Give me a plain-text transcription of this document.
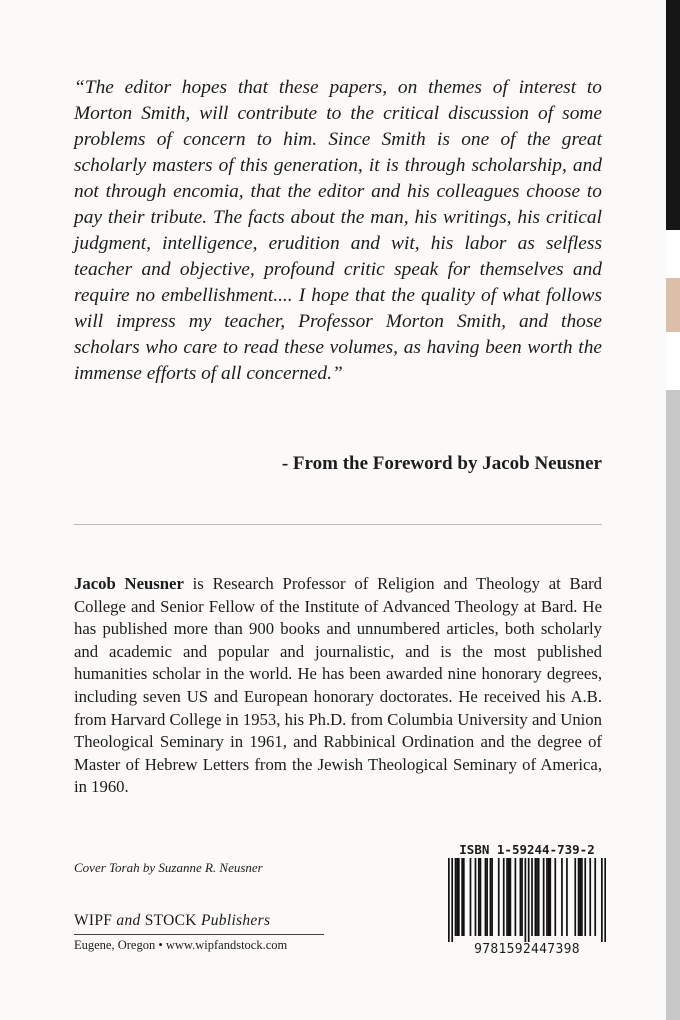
“The editor hopes that these papers, on themes of interest to Morton Smith, will contribute to the critical discussion of some problems of concern to him. Since Smith is one of the great scholarly masters of this generation, it is through scholarship, and not through encomia, that the editor and his colleagues choose to pay their tribute. The facts about the man, his writings, his critical judgment, intelligence, erudition and wit, his labor as selfless teacher and objective, profound critic speak for themselves and require no embellishment.... I hope that the quality of what follows will impress my teacher, Professor Morton Smith, and those scholars who care to read these volumes, as having been worth the immense efforts of all concerned.”

- From the Foreword by Jacob Neusner

Jacob Neusner is Research Professor of Religion and Theology at Bard College and Senior Fellow of the Institute of Advanced Theology at Bard. He has published more than 900 books and unnumbered articles, both scholarly and academic and popular and journalistic, and is the most published humanities scholar in the world. He has been awarded nine honorary degrees, including seven US and European honorary doctorates. He received his A.B. from Harvard College in 1953, his Ph.D. from Columbia University and Union Theological Seminary in 1961, and Rabbinical Ordination and the degree of Master of Hebrew Letters from the Jewish Theological Seminary of America, in 1960.

Cover Torah by Suzanne R. Neusner

WIPF and STOCK Publishers

Eugene, Oregon • www.wipfandstock.com

ISBN 1-59244-739-2

9781592447398
